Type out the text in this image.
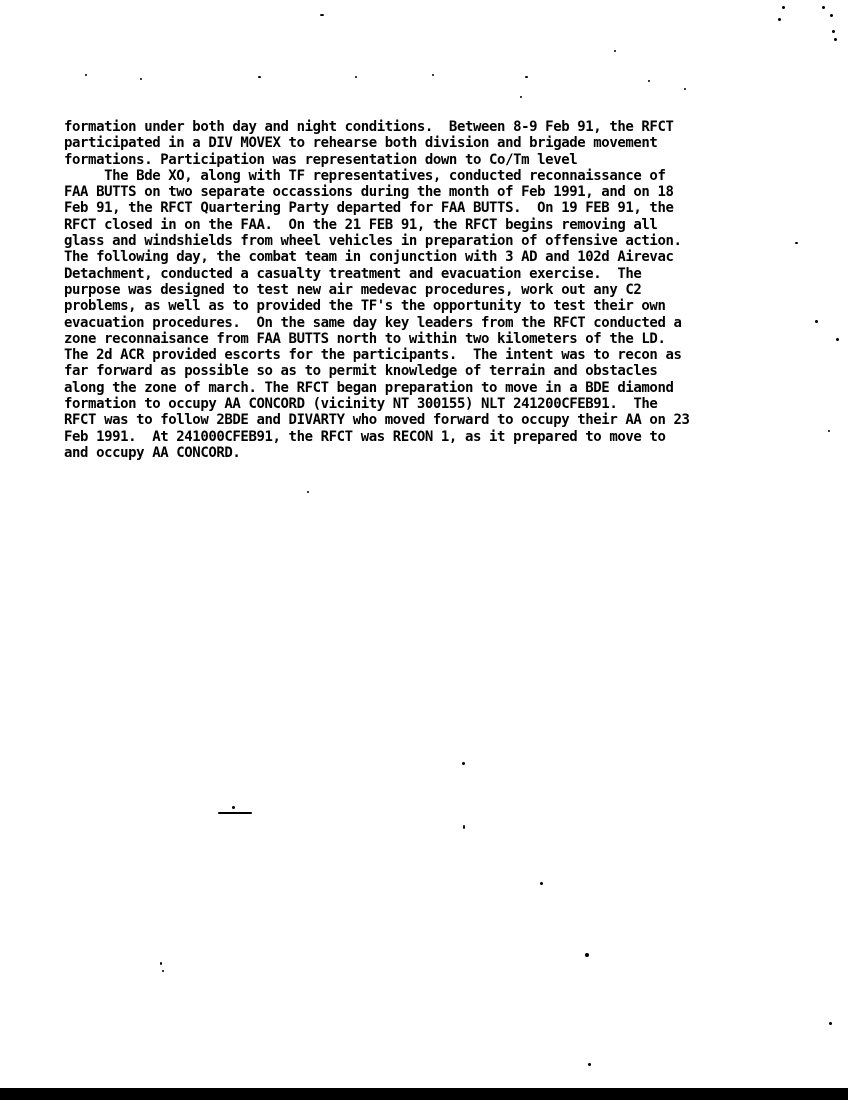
formation under both day and night conditions.  Between 8-9 Feb 91, the RFCT
participated in a DIV MOVEX to rehearse both division and brigade movement
formations. Participation was representation down to Co/Tm level
The Bde XO, along with TF representatives, conducted reconnaissance of
FAA BUTTS on two separate occassions during the month of Feb 1991, and on 18
Feb 91, the RFCT Quartering Party departed for FAA BUTTS.  On 19 FEB 91, the
RFCT closed in on the FAA.  On the 21 FEB 91, the RFCT begins removing all
glass and windshields from wheel vehicles in preparation of offensive action.
The following day, the combat team in conjunction with 3 AD and 102d Airevac
Detachment, conducted a casualty treatment and evacuation exercise.  The
purpose was designed to test new air medevac procedures, work out any C2
problems, as well as to provided the TF's the opportunity to test their own
evacuation procedures.  On the same day key leaders from the RFCT conducted a
zone reconnaisance from FAA BUTTS north to within two kilometers of the LD.
The 2d ACR provided escorts for the participants.  The intent was to recon as
far forward as possible so as to permit knowledge of terrain and obstacles
along the zone of march. The RFCT began preparation to move in a BDE diamond
formation to occupy AA CONCORD (vicinity NT 300155) NLT 241200CFEB91.  The
RFCT was to follow 2BDE and DIVARTY who moved forward to occupy their AA on 23
Feb 1991.  At 241000CFEB91, the RFCT was RECON 1, as it prepared to move to
and occupy AA CONCORD.
